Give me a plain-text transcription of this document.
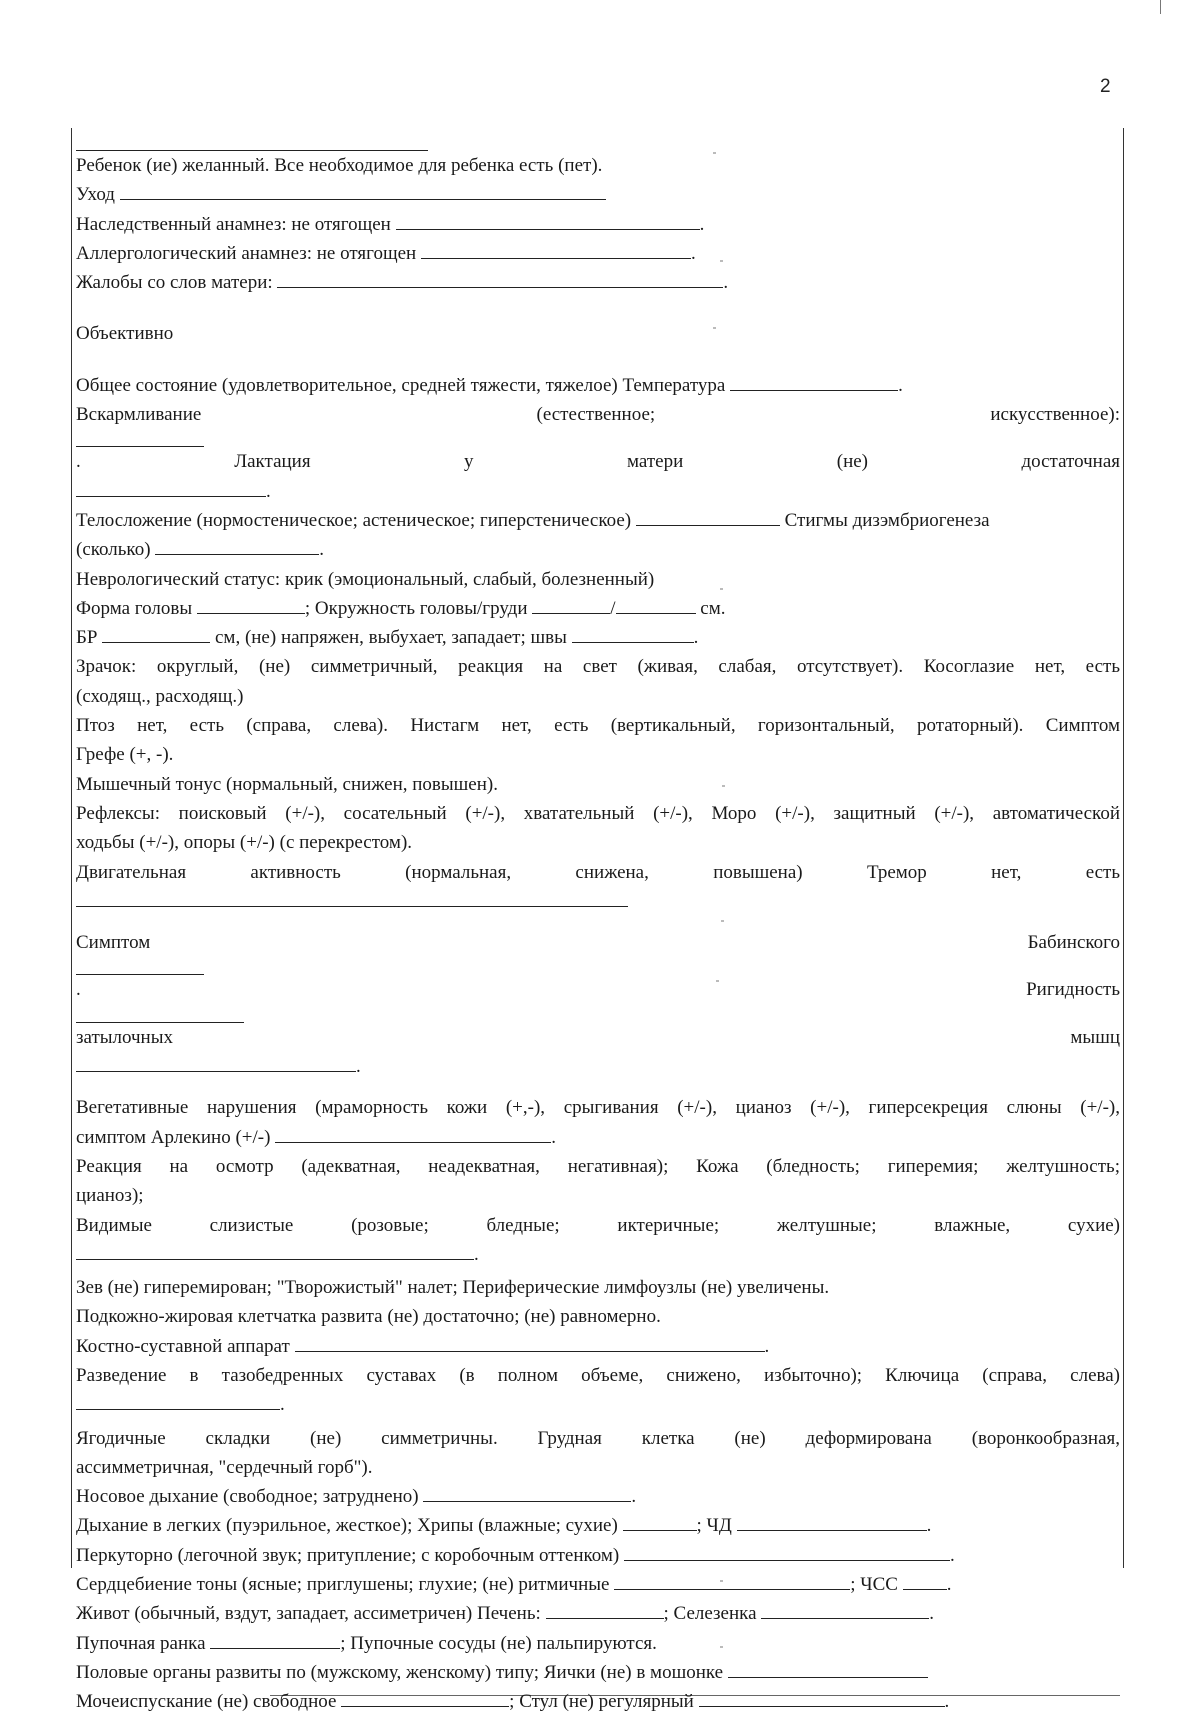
2
Ребенок (ие) желанный. Все необходимое для ребенка есть (пет).
Уход
Наследственный анамнез: не отягощен	.
Аллергологический анамнез: не отягощен	.
Жалобы со слов матери:	.
Объективно
Общее состояние (удовлетворительное, средней тяжести, тяжелое) Температура	.
Вскармливание (естественное; искусственное):
.	Лактация у матери (не) достаточная
.
Телосложение (нормостеническое; астеническое; гиперстеническое)	Стигмы дизэмбриогенеза
(сколько)	.
Неврологический статус: крик (эмоциональный, слабый, болезненный)
Форма головы	; Окружность головы/груди	/	см.
БР	см, (не) напряжен, выбухает, западает; швы	.
Зрачок: округлый, (не) симметричный, реакция на свет (живая, слабая, отсутствует). Косоглазие нет, есть
(сходящ., расходящ.)
Птоз нет, есть (справа, слева). Нистагм нет, есть (вертикальный, горизонтальный, ротаторный). Симптом
Грефе (+, -).
Мышечный тонус (нормальный, снижен, повышен).
Рефлексы: поисковый (+/-), сосательный (+/-), хватательный (+/-), Моро (+/-), защитный (+/-), автоматической
ходьбы (+/-), опоры (+/-) (с перекрестом).
Двигательная активность (нормальная, снижена, повышена) Тремор нет, есть
Симптом Бабинского
.	Ригидность
затылочных мышц
.
Вегетативные нарушения (мраморность кожи (+,-), срыгивания (+/-), цианоз (+/-), гиперсекреция слюны (+/-),
симптом Арлекино (+/-)	.
Реакция на осмотр (адекватная, неадекватная, негативная); Кожа (бледность; гиперемия; желтушность;
цианоз);
Видимые слизистые (розовые; бледные; иктеричные; желтушные; влажные, сухие)
.
Зев (не) гиперемирован; "Творожистый" налет; Периферические лимфоузлы (не) увеличены.
Подкожно-жировая клетчатка развита (не) достаточно; (не) равномерно.
Костно-суставной аппарат	.
Разведение в тазобедренных суставах (в полном объеме, снижено, избыточно); Ключица (справа, слева)
.
Ягодичные складки (не) симметричны. Грудная клетка (не) деформирована (воронкообразная,
ассимметричная, "сердечный горб").
Носовое дыхание (свободное; затруднено)	.
Дыхание в легких (пуэрильное, жесткое); Хрипы (влажные; сухие)	; ЧД	.
Перкуторно (легочной звук; притупление; с коробочным оттенком)	.
Сердцебиение тоны (ясные; приглушены; глухие; (не) ритмичные	; ЧСС	.
Живот (обычный, вздут, западает, ассиметричен) Печень:	; Селезенка	.
Пупочная ранка	; Пупочные сосуды (не) пальпируются.
Половые органы развиты по (мужскому, женскому) типу; Яички (не) в мошонке
Мочеиспускание (не) свободное	; Стул (не) регулярный	.
